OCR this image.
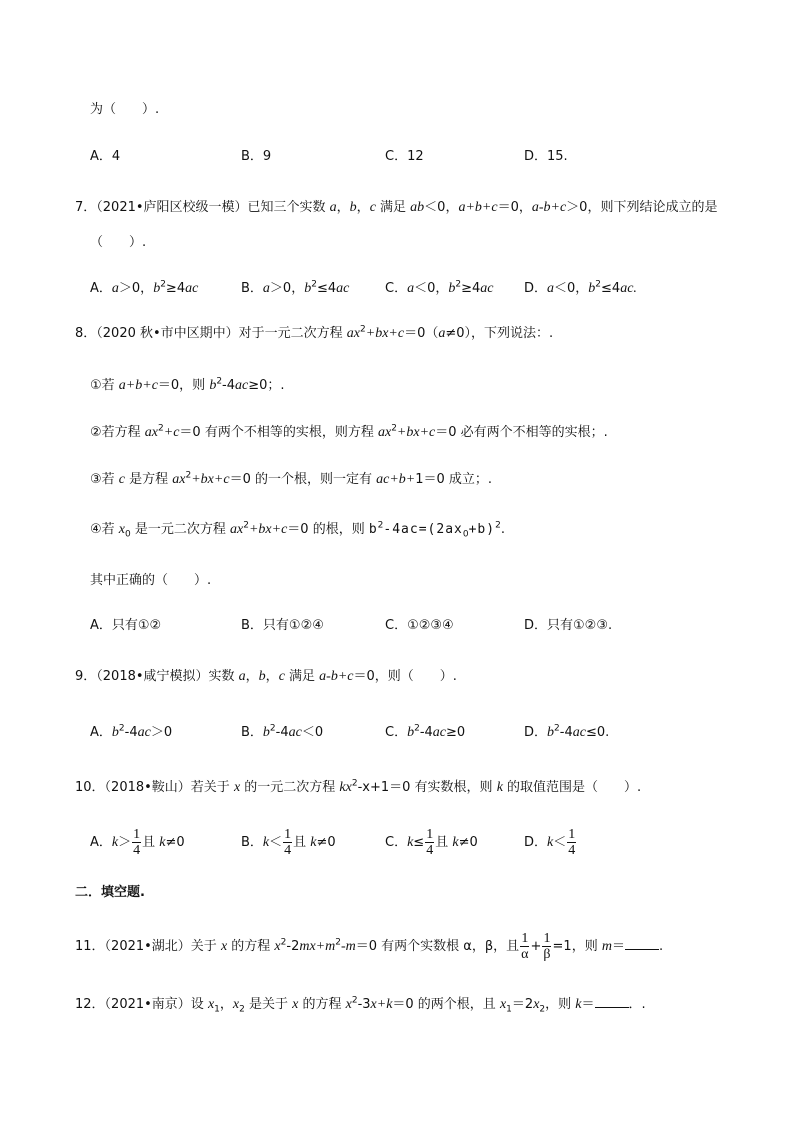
为（　　）.
A．4	B．9	C．12	D．15.
7．（2021•庐阳区校级一模）已知三个实数 a，b，c 满足 ab＜0，a+b+c＝0，a-b+c＞0，则下列结论成立的是
（　　）.
A．a＞0，$b^2\ge 4ac$	B．a＞0，$b^2\le 4ac$	C．a＜0，$b^2\ge 4ac$ D．a＜0，$b^2\le 4ac$.
8．（2020 秋•市中区期中）对于一元二次方程 $ax^2+bx+c=0(a\ne 0)$，下列说法：.
①若 a+b+c＝0，则 $b^2-4ac\ge 0$；.
②若方程 $ax^2+c=0$ 有两个不相等的实根，则方程 $ax^2+bx+c=0$ 必有两个不相等的实根；.
③若 c 是方程 $ax^2+bx+c=0$ 的一个根，则一定有 ac+b+1＝0 成立；.
④若 $x_0$ 是一元二次方程 $ax^2+bx+c=0$ 的根，则 $b^2-4ac=(2ax_0+b)^2$.
其中正确的（　　）.
A．只有①②	B．只有①②④	C．①②③④	D．只有①②③.
9．（2018•咸宁模拟）实数 a，b，c 满足 a-b+c＝0，则（　　）.
A．$b^2-4ac>0$	B．$b^2-4ac<0$	C．$b^2-4ac\ge 0$	D．$b^2-4ac\le 0$.
10．（2018•鞍山）若关于 x 的一元二次方程 $kx^2-x+1=0$ 有实数根，则 k 的取值范围是（　　）.
A．$k> \frac{1}{4}$ 且 k≠0	B．$k< \frac{1}{4}$ 且 k≠0	C．$k\le \frac{1}{4}$ 且 k≠0	D．$k< \frac{1}{4}$
二．填空题.
11．（2021•湖北）关于 x 的方程 $x^2-2mx+m^2-m=0$ 有两个实数根 α，β，且 $\frac{1}{\alpha} + \frac{1}{\beta} =1$，则 m＝	.
12．（2021•南京）设 $x_1$，$x_2$ 是关于 x 的方程 $x^2-3x+k=0$ 的两个根，且 $x_1=2x_2$，则 k＝	．.
